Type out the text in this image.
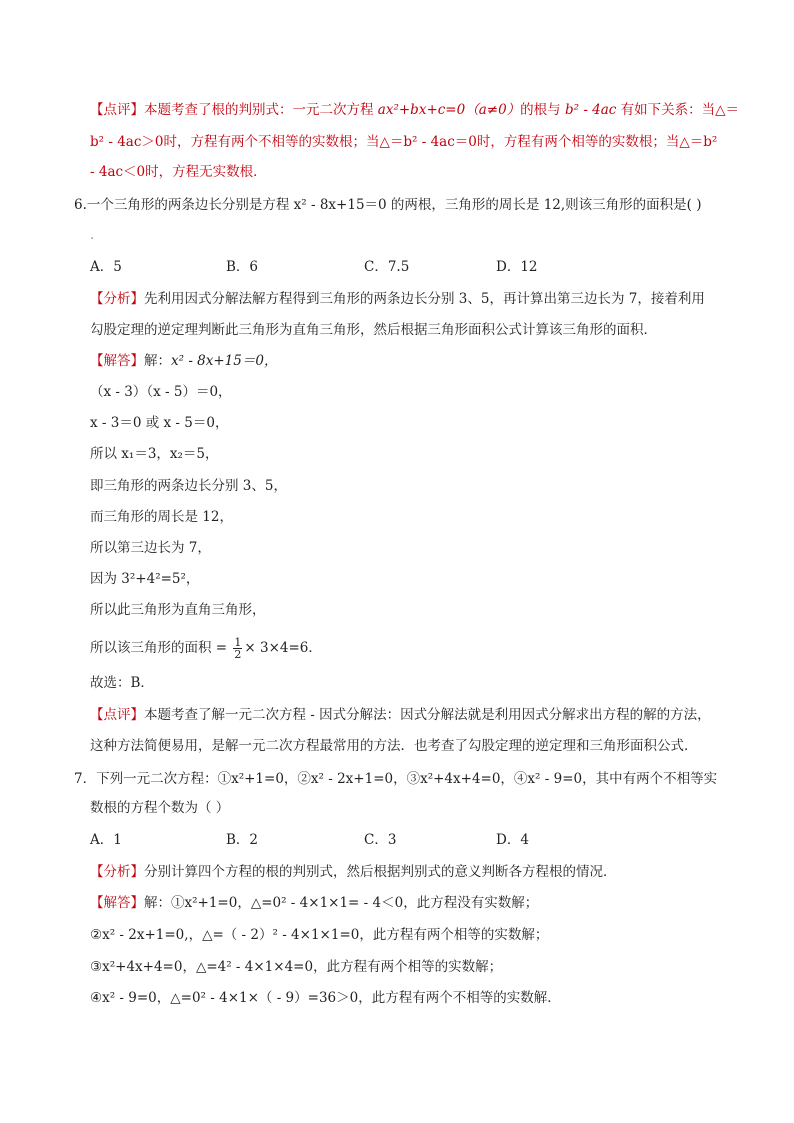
【点评】本题考查了根的判别式：一元二次方程 ax²+bx+c=0（a≠0）的根与 b² - 4ac 有如下关系：当△＝
b² - 4ac＞0时，方程有两个不相等的实数根；当△＝b² - 4ac＝0时，方程有两个相等的实数根；当△＝b²
- 4ac＜0时，方程无实数根．
6.一个三角形的两条边长分别是方程 x² - 8x+15＝0 的两根，三角形的周长是 12,则该三角形的面积是( )
.
A．5	B．6	C．7.5	D．12
【分析】先利用因式分解法解方程得到三角形的两条边长分别 3、5，再计算出第三边长为 7，接着利用
勾股定理的逆定理判断此三角形为直角三角形，然后根据三角形面积公式计算该三角形的面积．
【解答】解：x² - 8x+15＝0，
（x - 3）（x - 5）＝0，
x - 3＝0 或 x - 5＝0，
所以 x₁＝3，x₂＝5，
即三角形的两条边长分别 3、5，
而三角形的周长是 12，
所以第三边长为 7，
因为 3²+4²=5²，
所以此三角形为直角三角形，
所以该三角形的面积 = $\frac{1}{2} \times 3\times 4=6$．
故选：B．
【点评】本题考查了解一元二次方程 - 因式分解法：因式分解法就是利用因式分解求出方程的解的方法，
这种方法简便易用，是解一元二次方程最常用的方法．也考查了勾股定理的逆定理和三角形面积公式．
7．下列一元二次方程：①x²+1=0，②x² - 2x+1=0，③x²+4x+4=0，④x² - 9=0，其中有两个不相等实
数根的方程个数为（ ）
A．1	B．2	C．3	D．4
【分析】分别计算四个方程的根的判别式，然后根据判别式的意义判断各方程根的情况．
【解答】解：①x²+1=0，△=0² - 4×1×1= - 4＜0，此方程没有实数解；
②x² - 2x+1=0,，△=（ - 2）² - 4×1×1=0，此方程有两个相等的实数解；
③x²+4x+4=0，△=4² - 4×1×4=0，此方程有两个相等的实数解；
④x² - 9=0，△=0² - 4×1×（ - 9）=36＞0，此方程有两个不相等的实数解．
